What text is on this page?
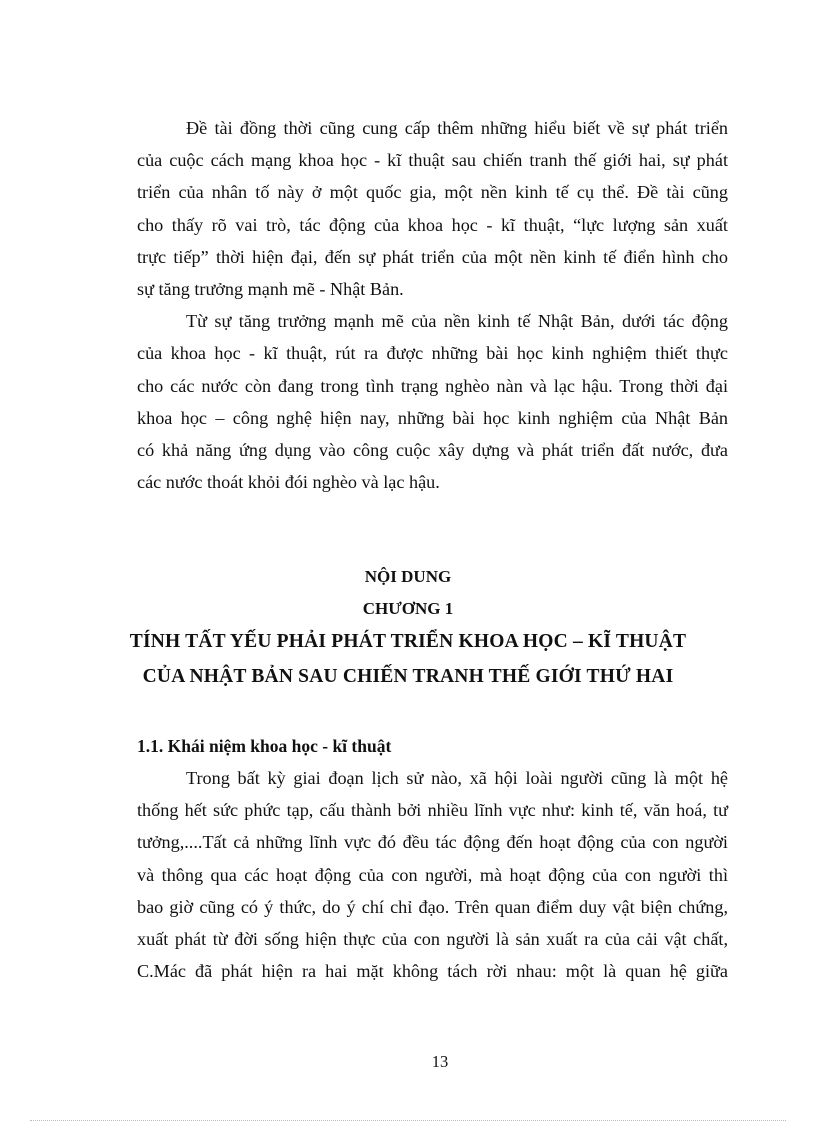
Đề tài đồng thời cũng cung cấp thêm những hiểu biết về sự phát triển
của cuộc cách mạng khoa học - kĩ thuật sau chiến tranh thế giới hai, sự phát
triển của nhân tố này ở một quốc gia, một nền kinh tế cụ thể. Đề tài cũng
cho thấy rõ vai trò, tác động của khoa học - kĩ thuật, “lực lượng sản xuất
trực tiếp” thời hiện đại, đến sự phát triển của một nền kinh tế điển hình cho
sự tăng trưởng mạnh mẽ - Nhật Bản.

Từ sự tăng trưởng mạnh mẽ của nền kinh tế Nhật Bản, dưới tác động
của khoa học - kĩ thuật, rút ra được những bài học kinh nghiệm thiết thực
cho các nước còn đang trong tình trạng nghèo nàn và lạc hậu. Trong thời đại
khoa học – công nghệ hiện nay, những bài học kinh nghiệm của Nhật Bản
có khả năng ứng dụng vào công cuộc xây dựng và phát triển đất nước, đưa
các nước thoát khỏi đói nghèo và lạc hậu.

NỘI DUNG
CHƯƠNG 1
TÍNH TẤT YẾU PHẢI PHÁT TRIỂN KHOA HỌC – KĨ THUẬT
CỦA NHẬT BẢN SAU CHIẾN TRANH THẾ GIỚI THỨ HAI
1.1. Khái niệm khoa học - kĩ thuật

Trong bất kỳ giai đoạn lịch sử nào, xã hội loài người cũng là một hệ
thống hết sức phức tạp, cấu thành bởi nhiều lĩnh vực như: kinh tế, văn hoá, tư
tưởng,....Tất cả những lĩnh vực đó đều tác động đến hoạt động của con người
và thông qua các hoạt động của con người, mà hoạt động của con người thì
bao giờ cũng có ý thức, do ý chí chỉ đạo. Trên quan điểm duy vật biện chứng,
xuất phát từ đời sống hiện thực của con người là sản xuất ra của cải vật chất,
C.Mác đã phát hiện ra hai mặt không tách rời nhau: một là quan hệ giữa

13
